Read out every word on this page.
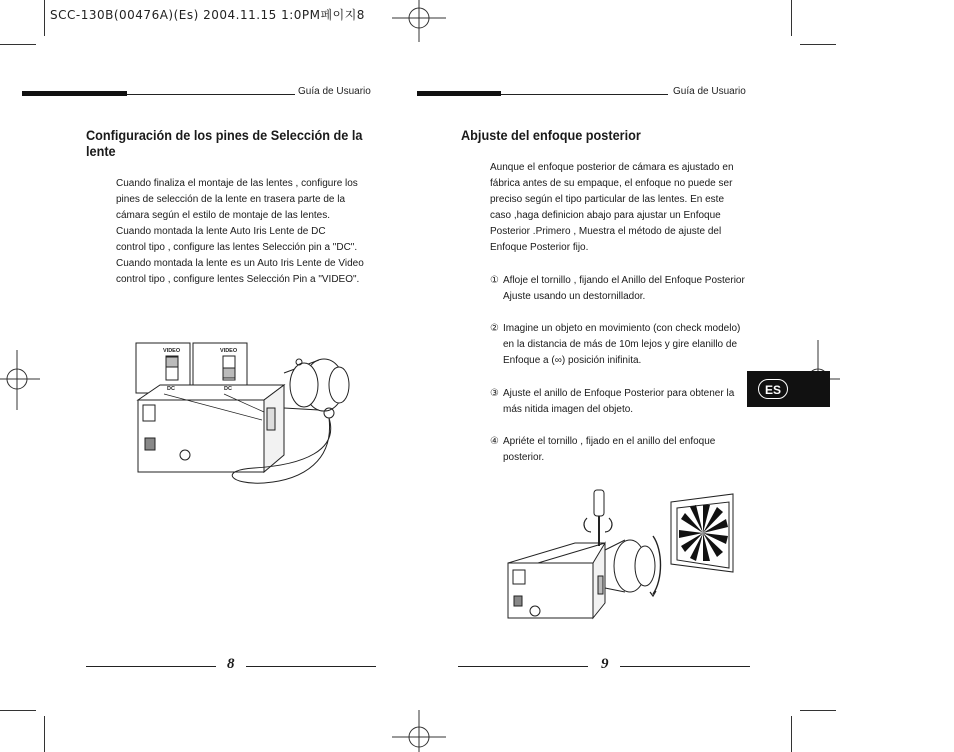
SCC-130B(00476A)(Es) 2004.11.15 1:0PM페이지8
Guía de Usuario
Configuración de los pines de Selección de la
lente
Cuando finaliza el montaje de las lentes , configure los
pines de selección de la lente en trasera parte de la
cámara según el estilo de montaje de las lentes.
Cuando montada la lente Auto Iris Lente de DC
control tipo , configure las lentes Selección pin a "DC".
Cuando montada la lente es un Auto Iris Lente de Video
control tipo , configure lentes Selección Pin a "VIDEO".
VIDEO
DC
VIDEO
DC
8
Guía de Usuario
Abjuste del enfoque posterior
Aunque el enfoque posterior de cámara es ajustado en
fábrica antes de su empaque, el enfoque no puede ser
preciso según el tipo particular de las lentes. En este
caso ,haga definicion abajo para ajustar un Enfoque
Posterior .Primero , Muestra el método de ajuste del
Enfoque Posterior fijo.
① Afloje el tornillo , fijando el Anillo del Enfoque Posterior
Ajuste usando un destornillador.
② Imagine un objeto en movimiento (con check modelo)
en la distancia de más de 10m lejos y gire elanillo de
Enfoque a (∞) posición inifinita.
③ Ajuste el anillo de Enfoque Posterior para obtener la
más nitida imagen del objeto.
④ Apriéte el tornillo , fijado en el anillo del enfoque
posterior.
ES
9
